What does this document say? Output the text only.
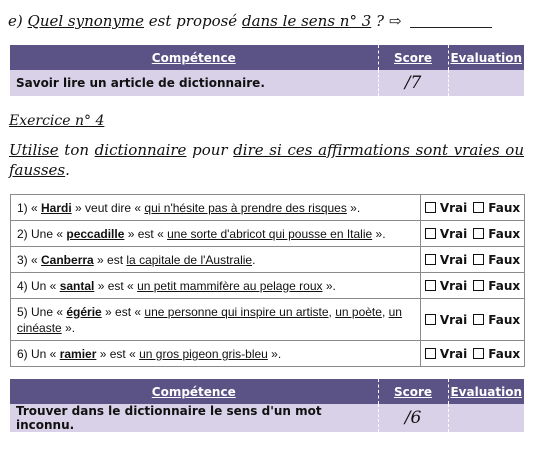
e) Quel synonyme est proposé dans le sens n° 3 ? ⇨
Compétence	Score	Evaluation
Savoir lire un article de dictionnaire.	/7	
Exercice n° 4
Utilise ton dictionnaire pour dire si ces affirmations sont vraies ou fausses.
1) « Hardi » veut dire « qui n'hésite pas à prendre des risques ».	Vrai Faux
2) Une « peccadille » est « une sorte d'abricot qui pousse en Italie ».	Vrai Faux
3) « Canberra » est la capitale de l'Australie.	Vrai Faux
4) Un « santal » est « un petit mammifère au pelage roux ».	Vrai Faux
5) Une « égérie » est « une personne qui inspire un artiste, un poète, un cinéaste ».	Vrai Faux
6) Un « ramier » est « un gros pigeon gris-bleu ».	Vrai Faux
Compétence	Score	Evaluation
Trouver dans le dictionnaire le sens d'un mot inconnu.	/6	
